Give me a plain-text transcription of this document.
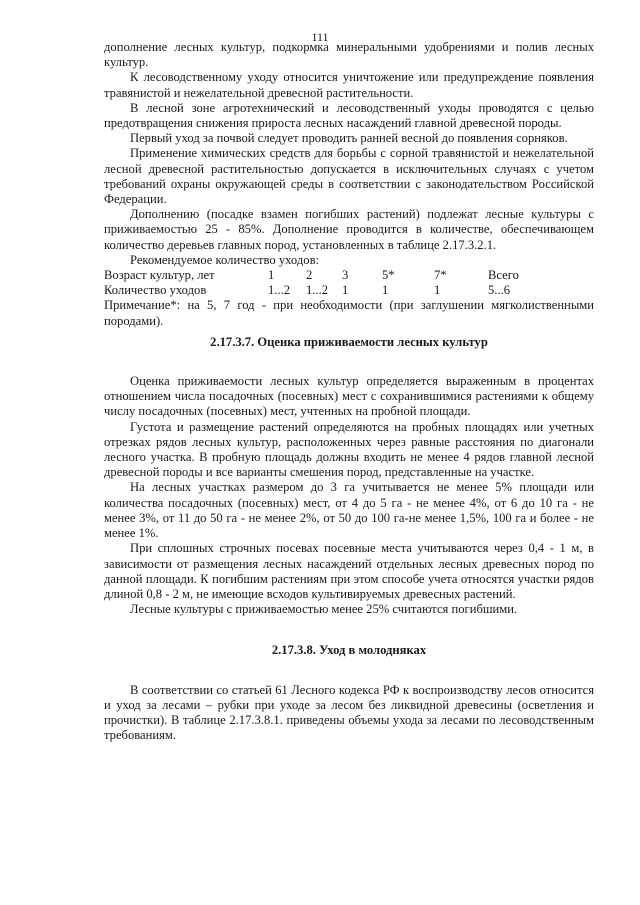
111

дополнение лесных культур, подкормка минеральными удобрениями и полив лесных культур.

К лесоводственному уходу относится уничтожение или предупреждение появления травянистой и нежелательной древесной растительности.

В лесной зоне агротехнический и лесоводственный уходы проводятся с целью предотвращения снижения прироста лесных насаждений главной древесной породы.

Первый уход за почвой следует проводить ранней весной до появления сорняков.

Применение химических средств для борьбы с сорной травянистой и нежелательной лесной древесной растительностью допускается в исключительных случаях с учетом требований охраны окружающей среды в соответствии с законодательством Российской Федерации.

Дополнению (посадке взамен погибших растений) подлежат лесные культуры с приживаемостью 25 - 85%. Дополнение проводится в количестве, обеспечивающем количество деревьев главных пород, установленных в таблице 2.17.3.2.1.

Рекомендуемое количество уходов:

Возраст культур, лет	1	2	3	5*	7*	Всего
Количество уходов	1...2	1...2	1	1	1	5...6

Примечание*: на 5, 7 год - при необходимости (при заглушении мягколиственными породами).

2.17.3.7. Оценка приживаемости лесных культур

Оценка приживаемости лесных культур определяется выраженным в процентах отношением числа посадочных (посевных) мест с сохранившимися растениями к общему числу посадочных (посевных) мест, учтенных на пробной площади.

Густота и размещение растений определяются на пробных площадях или учетных отрезках рядов лесных культур, расположенных через равные расстояния по диагонали лесного участка. В пробную площадь должны входить не менее 4 рядов главной лесной древесной породы и все варианты смешения пород, представленные на участке.

На лесных участках размером до 3 га учитывается не менее 5% площади или количества посадочных (посевных) мест, от 4 до 5 га - не менее 4%, от 6 до 10 га - не менее 3%, от 11 до 50 га - не менее 2%, от 50 до 100 га-не менее 1,5%, 100 га и более - не менее 1%.

При сплошных строчных посевах посевные места учитываются через 0,4 - 1 м, в зависимости от размещения лесных насаждений отдельных лесных древесных пород по данной площади. К погибшим растениям при этом способе учета относятся участки рядов длиной 0,8 - 2 м, не имеющие всходов культивируемых древесных растений.

Лесные культуры с приживаемостью менее 25% считаются погибшими.

2.17.3.8. Уход в молодняках

В соответствии со статьей 61 Лесного кодекса РФ к воспроизводству лесов относится и уход за лесами – рубки при уходе за лесом без ликвидной древесины (осветления и прочистки). В таблице 2.17.3.8.1. приведены объемы ухода за лесами по лесоводственным требованиям.
